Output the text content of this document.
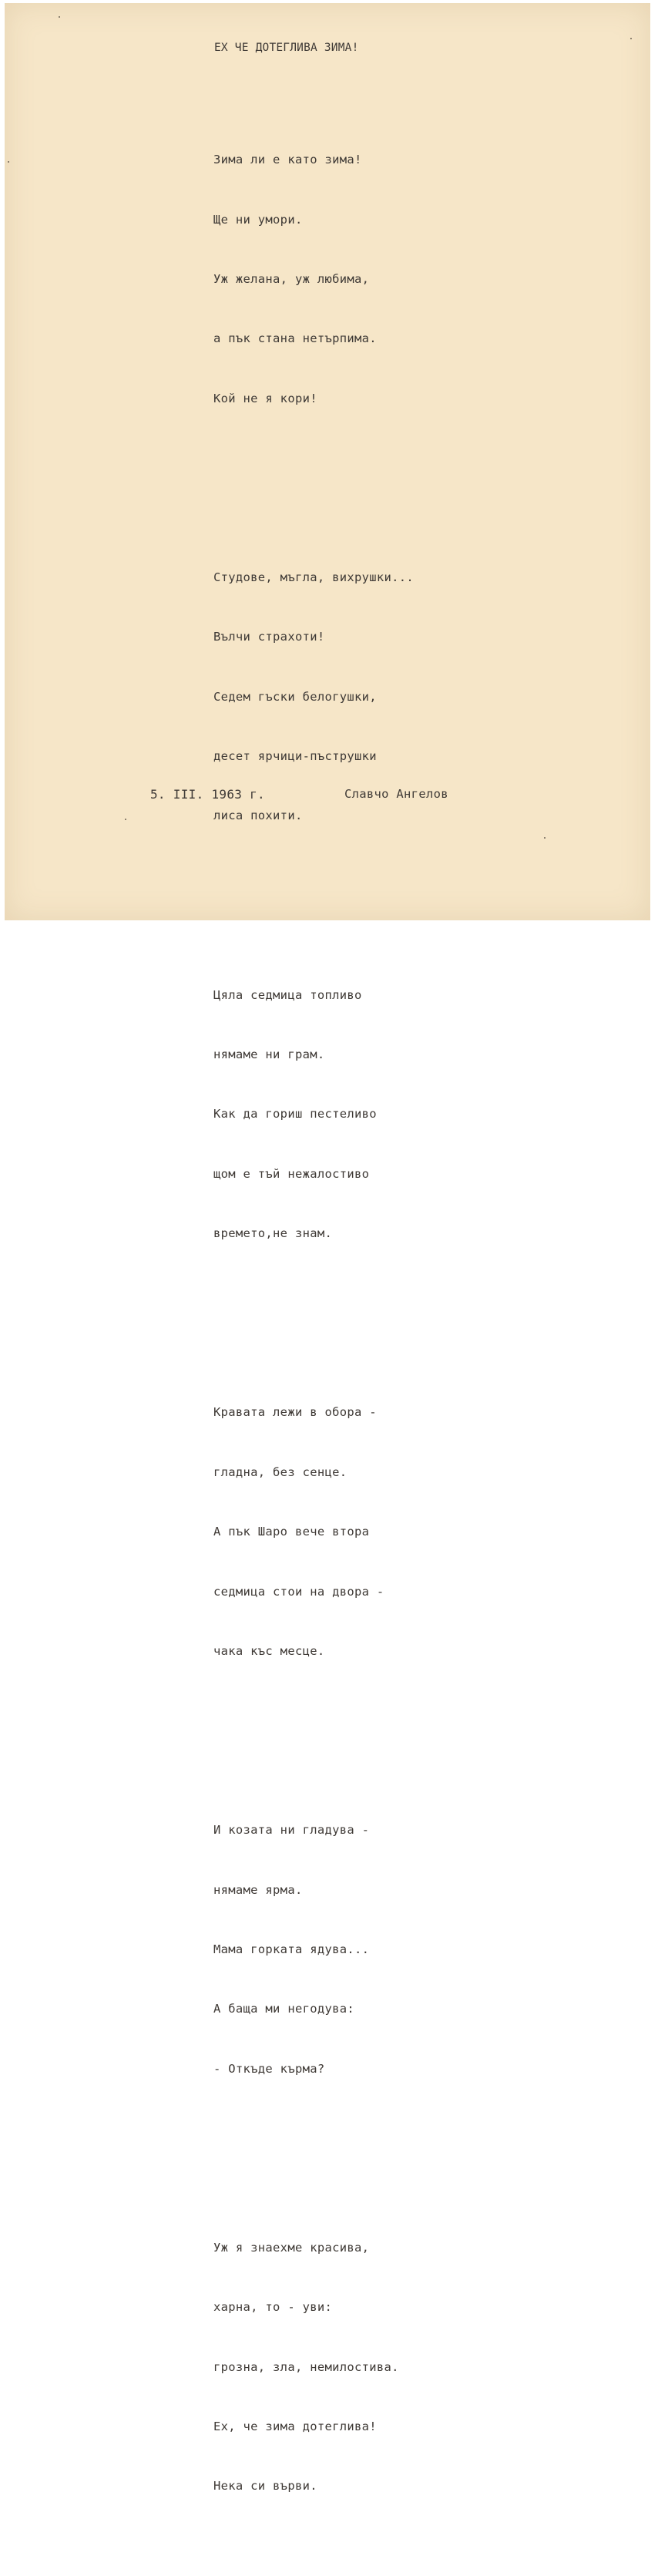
ЕХ ЧЕ ДОТЕГЛИВА ЗИМА!

Зима ли е като зима!

Ще ни умори.

Уж желана, уж любима,

а пък стана нетърпима.

Кой не я кори!

Студове, мъгла, вихрушки...

Вълчи страхоти!

Седем гъски белогушки,

десет ярчици-пъструшки

лиса похити.

Цяла седмица топливо

нямаме ни грам.

Как да гориш пестеливо

щом е тъй нежалостиво

времето,не знам.

Кравата лежи в обора -

гладна, без сенце.

А пък Шаро вече втора

седмица стои на двора -

чака къс месце.

И козата ни гладува -

нямаме ярма.

Мама горката ядува...

А баща ми негодува:

- Откъде кърма?

Уж я знаехме красива,

харна, то - уви:

грозна, зла, немилостива.

Ех, че зима дотеглива!

Нека си върви.

5. III. 1963 г.	Славчо Ангелов
